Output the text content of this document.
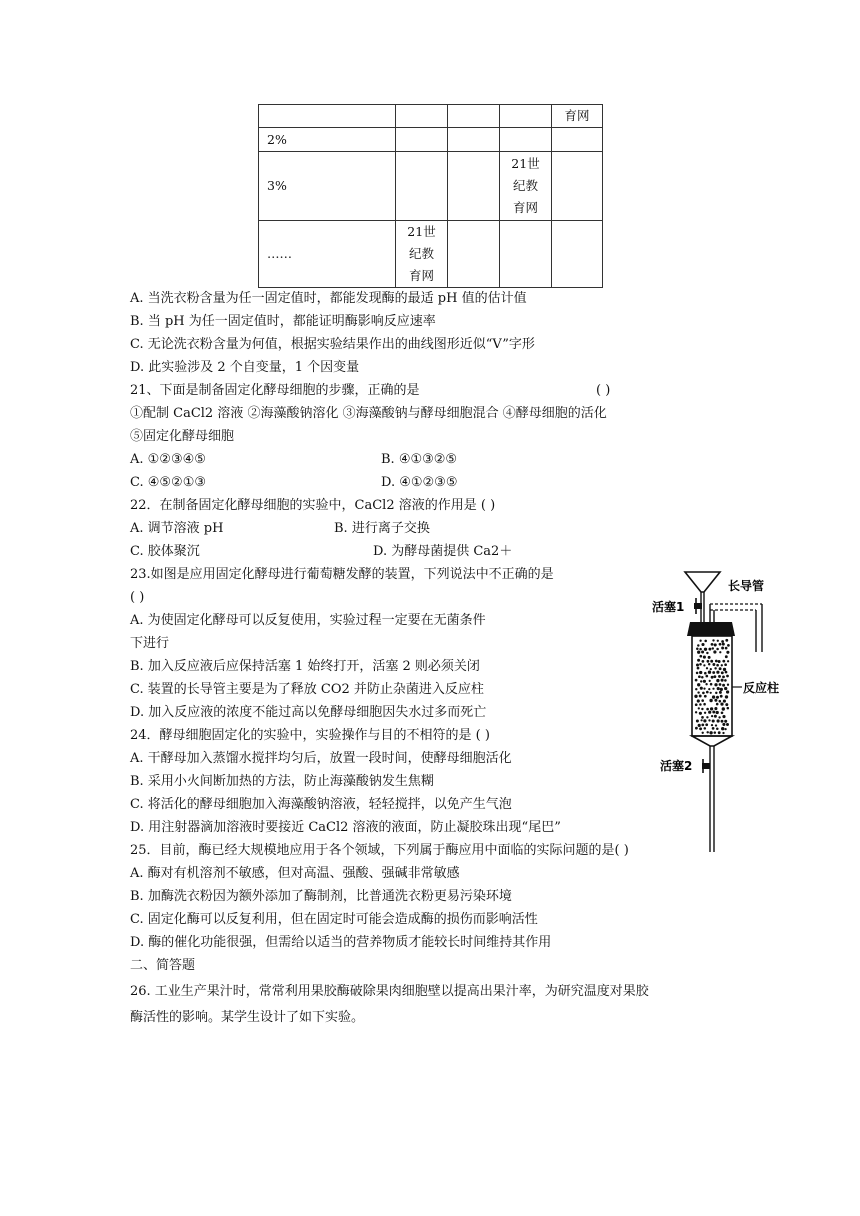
				育网
2%				
3%			21世纪教育网	
……	21世纪教育网			
A. 当洗衣粉含量为任一固定值时，都能发现酶的最适 pH 值的估计值
B. 当 pH 为任一固定值时，都能证明酶影响反应速率
C. 无论洗衣粉含量为何值，根据实验结果作出的曲线图形近似“V”字形
D. 此实验涉及 2 个自变量，1 个因变量
21、下面是制备固定化酵母细胞的步骤，正确的是	( )
①配制 CaCl2 溶液 ②海藻酸钠溶化 ③海藻酸钠与酵母细胞混合 ④酵母细胞的活化
⑤固定化酵母细胞
A. ①②③④⑤	B. ④①③②⑤
C. ④⑤②①③	D. ④①②③⑤
22．在制备固定化酵母细胞的实验中，CaCl2 溶液的作用是 ( )
A. 调节溶液 pH	B. 进行离子交换
C. 胶体聚沉	D. 为酵母菌提供 Ca2＋
23.如图是应用固定化酵母进行葡萄糖发酵的装置，下列说法中不正确的是
( )
A. 为使固定化酵母可以反复使用，实验过程一定要在无菌条件
下进行
B. 加入反应液后应保持活塞 1 始终打开，活塞 2 则必须关闭
C. 装置的长导管主要是为了释放 CO2 并防止杂菌进入反应柱
D. 加入反应液的浓度不能过高以免酵母细胞因失水过多而死亡
长导管
活塞1
反应柱
活塞2
24．酵母细胞固定化的实验中，实验操作与目的不相符的是 ( )
A. 干酵母加入蒸馏水搅拌均匀后，放置一段时间，使酵母细胞活化
B. 采用小火间断加热的方法，防止海藻酸钠发生焦糊
C. 将活化的酵母细胞加入海藻酸钠溶液，轻轻搅拌，以免产生气泡
D. 用注射器滴加溶液时要接近 CaCl2 溶液的液面，防止凝胶珠出现“尾巴”
25．目前，酶已经大规模地应用于各个领域，下列属于酶应用中面临的实际问题的是( )
A. 酶对有机溶剂不敏感，但对高温、强酸、强碱非常敏感
B. 加酶洗衣粉因为额外添加了酶制剂，比普通洗衣粉更易污染环境
C. 固定化酶可以反复利用，但在固定时可能会造成酶的损伤而影响活性
D. 酶的催化功能很强，但需给以适当的营养物质才能较长时间维持其作用
二、简答题
26. 工业生产果汁时，常常利用果胶酶破除果肉细胞壁以提高出果汁率，为研究温度对果胶
酶活性的影响。某学生设计了如下实验。
